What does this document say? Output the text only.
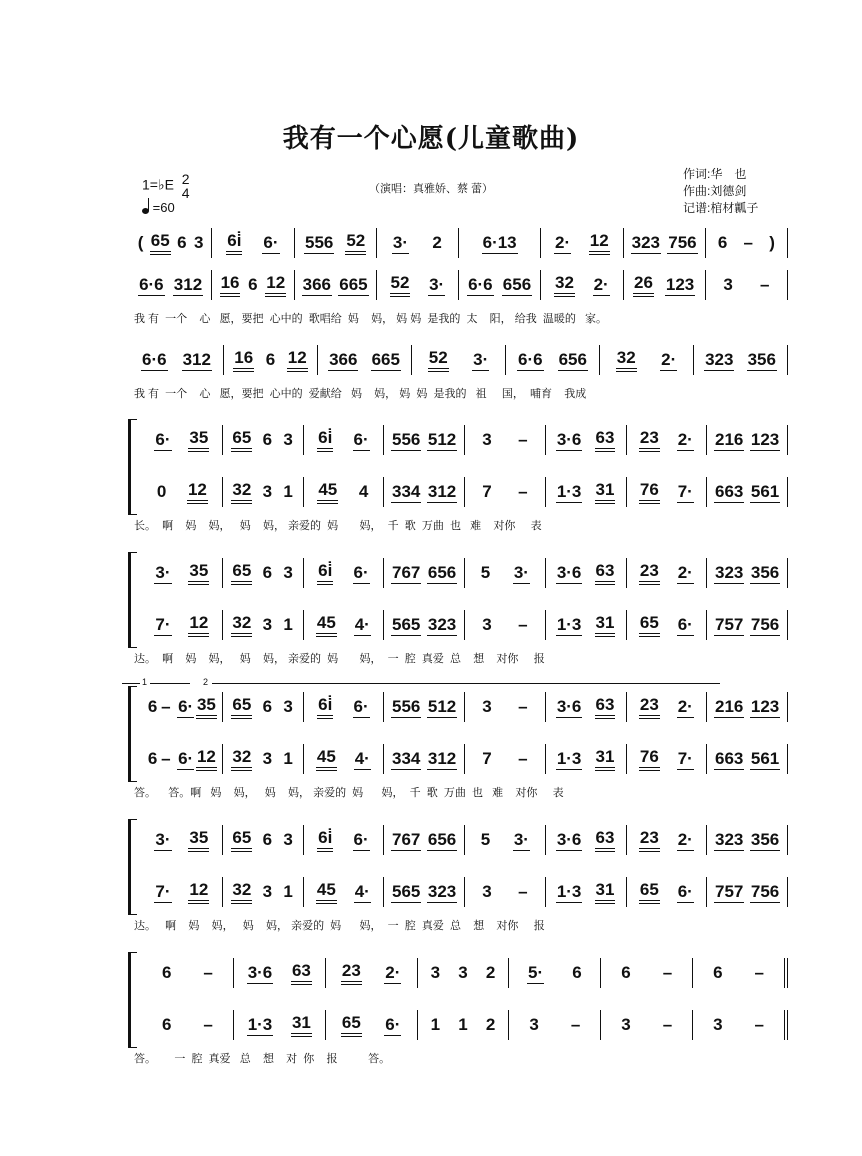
我有一个心愿(儿童歌曲)
1=♭E 2
4
=60
（演唱：真雅娇、蔡 蕾）
作词:华　也
作曲:刘德剑
记谱:棺材瓤子
1	2
( 65 6 3 6i̇ 6· 556 52 3· 2 6·13 2· 12 323 756 6 – )
6·6 312 16 6 12 366 665 52 3· 6·6 656 32 2· 26 123 3 –
我 有  一个    心   愿，要把  心中的  歌唱给  妈    妈， 妈 妈  是我的  太    阳， 给我  温暖的   家。
6·6 312 16 6 12 366 665 52 3· 6·6 656 32 2· 323 356
我 有  一个    心   愿，要把  心中的  爱献给   妈    妈， 妈  妈  是我的   祖     国，  哺育    我成
6· 35 65 6 3 6i̇ 6· 556 512 3 – 3·6 63 23 2· 216 123
0 12 32 3 1 45 4 334 312 7 – 1·3 31 76 7· 663 561
长。  啊    妈    妈，   妈    妈， 亲爱的  妈       妈，  千  歌  万曲  也   难    对你     表
3· 35 65 6 3 6i̇ 6· 767 656 5 3· 3·6 63 23 2· 323 356
7· 12 32 3 1 45 4· 565 323 3 – 1·3 31 65 6· 757 756
达。  啊    妈    妈，   妈    妈， 亲爱的  妈       妈，  一  腔  真爱  总    想    对你     报
6 – 6· 35 65 6 3 6i̇ 6· 556 512 3 – 3·6 63 23 2· 216 123
6 – 6· 12 32 3 1 45 4· 334 312 7 – 1·3 31 76 7· 663 561
答。    答。啊   妈    妈，   妈    妈， 亲爱的  妈      妈，  千  歌  万曲  也   难    对你     表
3· 35 65 6 3 6i̇ 6· 767 656 5 3· 3·6 63 23 2· 323 356
7· 12 32 3 1 45 4· 565 323 3 – 1·3 31 65 6· 757 756
达。   啊    妈    妈，   妈    妈， 亲爱的  妈      妈，  一  腔  真爱  总    想    对你     报
6 – 3·6 63 23 2· 3 3 2 5· 6 6 – 6 –
6 – 1·3 31 65 6· 1 1 2 3 – 3 – 3 –
答。      一  腔  真爱   总    想    对  你    报          答。
